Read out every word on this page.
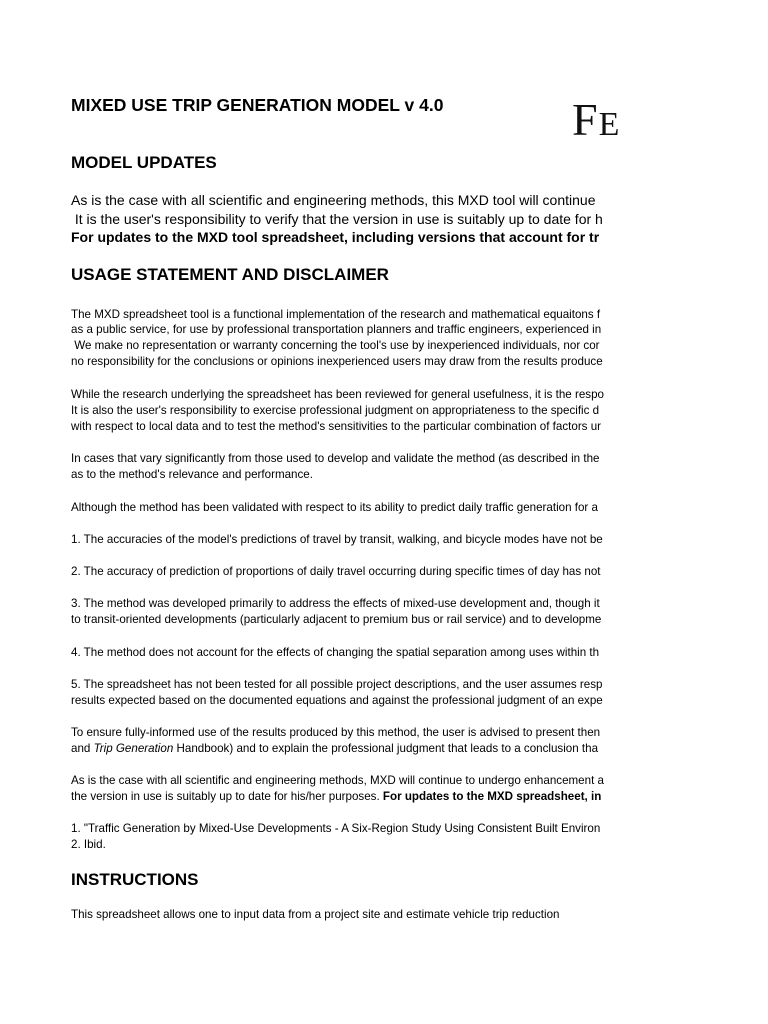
FE
MIXED USE TRIP GENERATION MODEL v 4.0
MODEL UPDATES
As is the case with all scientific and engineering methods, this MXD tool will continue
It is the user's responsibility to verify that the version in use is suitably up to date for h
For updates to the MXD tool spreadsheet, including versions that account for tr
USAGE STATEMENT AND DISCLAIMER
The MXD spreadsheet tool is a functional implementation of the research and mathematical equaitons f
as a public service, for use by professional transportation planners and traffic engineers, experienced in
We make no representation or warranty concerning the tool's use by inexperienced individuals, nor cor
no responsibility for the conclusions or opinions inexperienced users may draw from the results produce
While the research underlying the spreadsheet has been reviewed for general usefulness, it is the respo
It is also the user's responsibility to exercise professional judgment on appropriateness to the specific d
with respect to local data and to test the method's sensitivities to the particular combination of factors ur
In cases that vary significantly from those used to develop and validate the method (as described in the
as to the method's relevance and performance.
Although the method has been validated with respect to its ability to predict daily traffic generation for a
1. The accuracies of the model's predictions of travel by transit, walking, and bicycle modes have not be
2. The accuracy of prediction of proportions of daily travel occurring during specific times of day has not
3. The method was developed primarily to address the effects of mixed-use development and, though it
to transit-oriented developments (particularly adjacent to premium bus or rail service) and to developme
4. The method does not account for the effects of changing the spatial separation among uses within th
5. The spreadsheet has not been tested for all possible project descriptions, and the user assumes resp
results expected based on the documented equations and against the professional judgment of an expe
To ensure fully-informed use of the results produced by this method, the user is advised to present then
and Trip Generation Handbook) and to explain the professional judgment that leads to a conclusion tha
As is the case with all scientific and engineering methods, MXD will continue to undergo enhancement a
the version in use is suitably up to date for his/her purposes. For updates to the MXD spreadsheet, in
1. "Traffic Generation by Mixed-Use Developments - A Six-Region Study Using Consistent Built Environ
2. Ibid.
INSTRUCTIONS
This spreadsheet allows one to input data from a project site and estimate vehicle trip reduction
